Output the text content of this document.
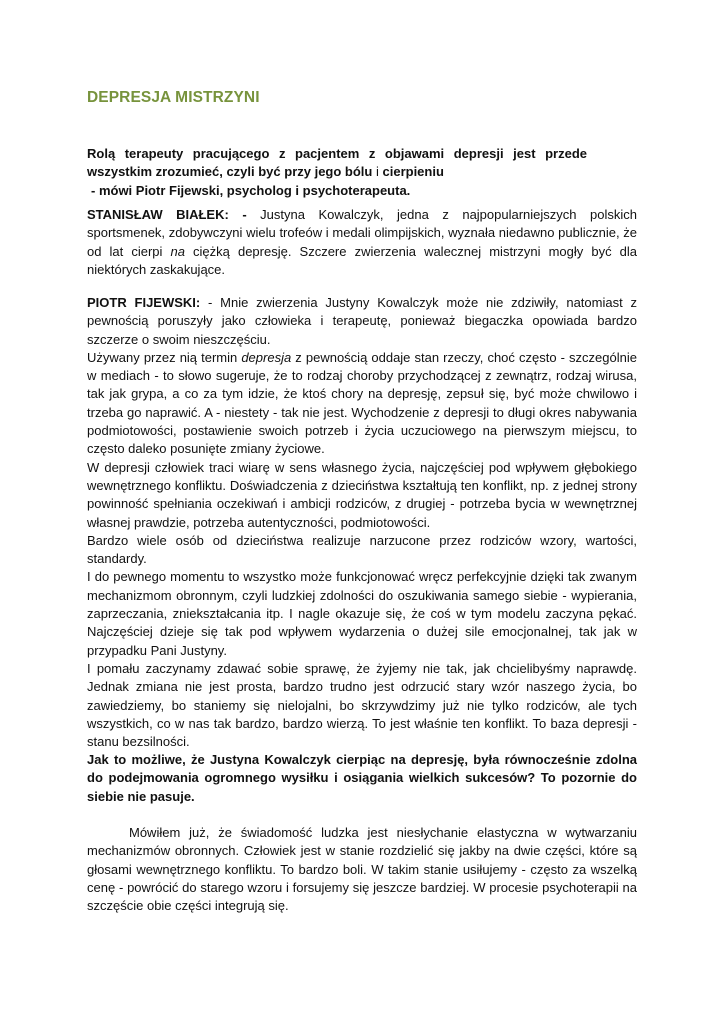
DEPRESJA MISTRZYNI
Rolą terapeuty pracującego z pacjentem z objawami depresji jest przede wszystkim zrozumieć, czyli być przy jego bólu i cierpieniu
- mówi Piotr Fijewski, psycholog i psychoterapeuta.

STANISŁAW BIAŁEK: - Justyna Kowalczyk, jedna z najpopularniejszych polskich sportsmenek, zdobywczyni wielu trofeów i medali olimpijskich, wyznała niedawno publicznie, że od lat cierpi na ciężką depresję. Szczere zwierzenia walecznej mistrzyni mogły być dla niektórych zaskakujące.

PIOTR FIJEWSKI: - Mnie zwierzenia Justyny Kowalczyk może nie zdziwiły, natomiast z pewnością poruszyły jako człowieka i terapeutę, ponieważ biegaczka opowiada bardzo szczerze o swoim nieszczęściu.

Używany przez nią termin depresja z pewnością oddaje stan rzeczy, choć często - szczególnie w mediach - to słowo sugeruje, że to rodzaj choroby przychodzącej z zewnątrz, rodzaj wirusa, tak jak grypa, a co za tym idzie, że ktoś chory na depresję, zepsuł się, być może chwilowo i trzeba go naprawić. A - niestety - tak nie jest. Wychodzenie z depresji to długi okres nabywania podmiotowości, postawienie swoich potrzeb i życia uczuciowego na pierwszym miejscu, to często daleko posunięte zmiany życiowe.

W depresji człowiek traci wiarę w sens własnego życia, najczęściej pod wpływem głębokiego wewnętrznego konfliktu. Doświadczenia z dzieciństwa kształtują ten konflikt, np. z jednej strony powinność spełniania oczekiwań i ambicji rodziców, z drugiej - potrzeba bycia w wewnętrznej własnej prawdzie, potrzeba autentyczności, podmiotowości.

Bardzo wiele osób od dzieciństwa realizuje narzucone przez rodziców wzory, wartości, standardy.

I do pewnego momentu to wszystko może funkcjonować wręcz perfekcyjnie dzięki tak zwanym mechanizmom obronnym, czyli ludzkiej zdolności do oszukiwania samego siebie - wypierania, zaprzeczania, zniekształcania itp. I nagle okazuje się, że coś w tym modelu zaczyna pękać. Najczęściej dzieje się tak pod wpływem wydarzenia o dużej sile emocjonalnej, tak jak w przypadku Pani Justyny.

I pomału zaczynamy zdawać sobie sprawę, że żyjemy nie tak, jak chcielibyśmy naprawdę. Jednak zmiana nie jest prosta, bardzo trudno jest odrzucić stary wzór naszego życia, bo zawiedziemy, bo staniemy się nielojalni, bo skrzywdzimy już nie tylko rodziców, ale tych wszystkich, co w nas tak bardzo, bardzo wierzą. To jest właśnie ten konflikt. To baza depresji - stanu bezsilności.

Jak to możliwe, że Justyna Kowalczyk cierpiąc na depresję, była równocześnie zdolna do podejmowania ogromnego wysiłku i osiągania wielkich sukcesów? To pozornie do siebie nie pasuje.

Mówiłem już, że świadomość ludzka jest niesłychanie elastyczna w wytwarzaniu mechanizmów obronnych. Człowiek jest w stanie rozdzielić się jakby na dwie części, które są głosami wewnętrznego konfliktu. To bardzo boli. W takim stanie usiłujemy - często za wszelką cenę - powrócić do starego wzoru i forsujemy się jeszcze bardziej. W procesie psychoterapii na szczęście obie części integrują się.
